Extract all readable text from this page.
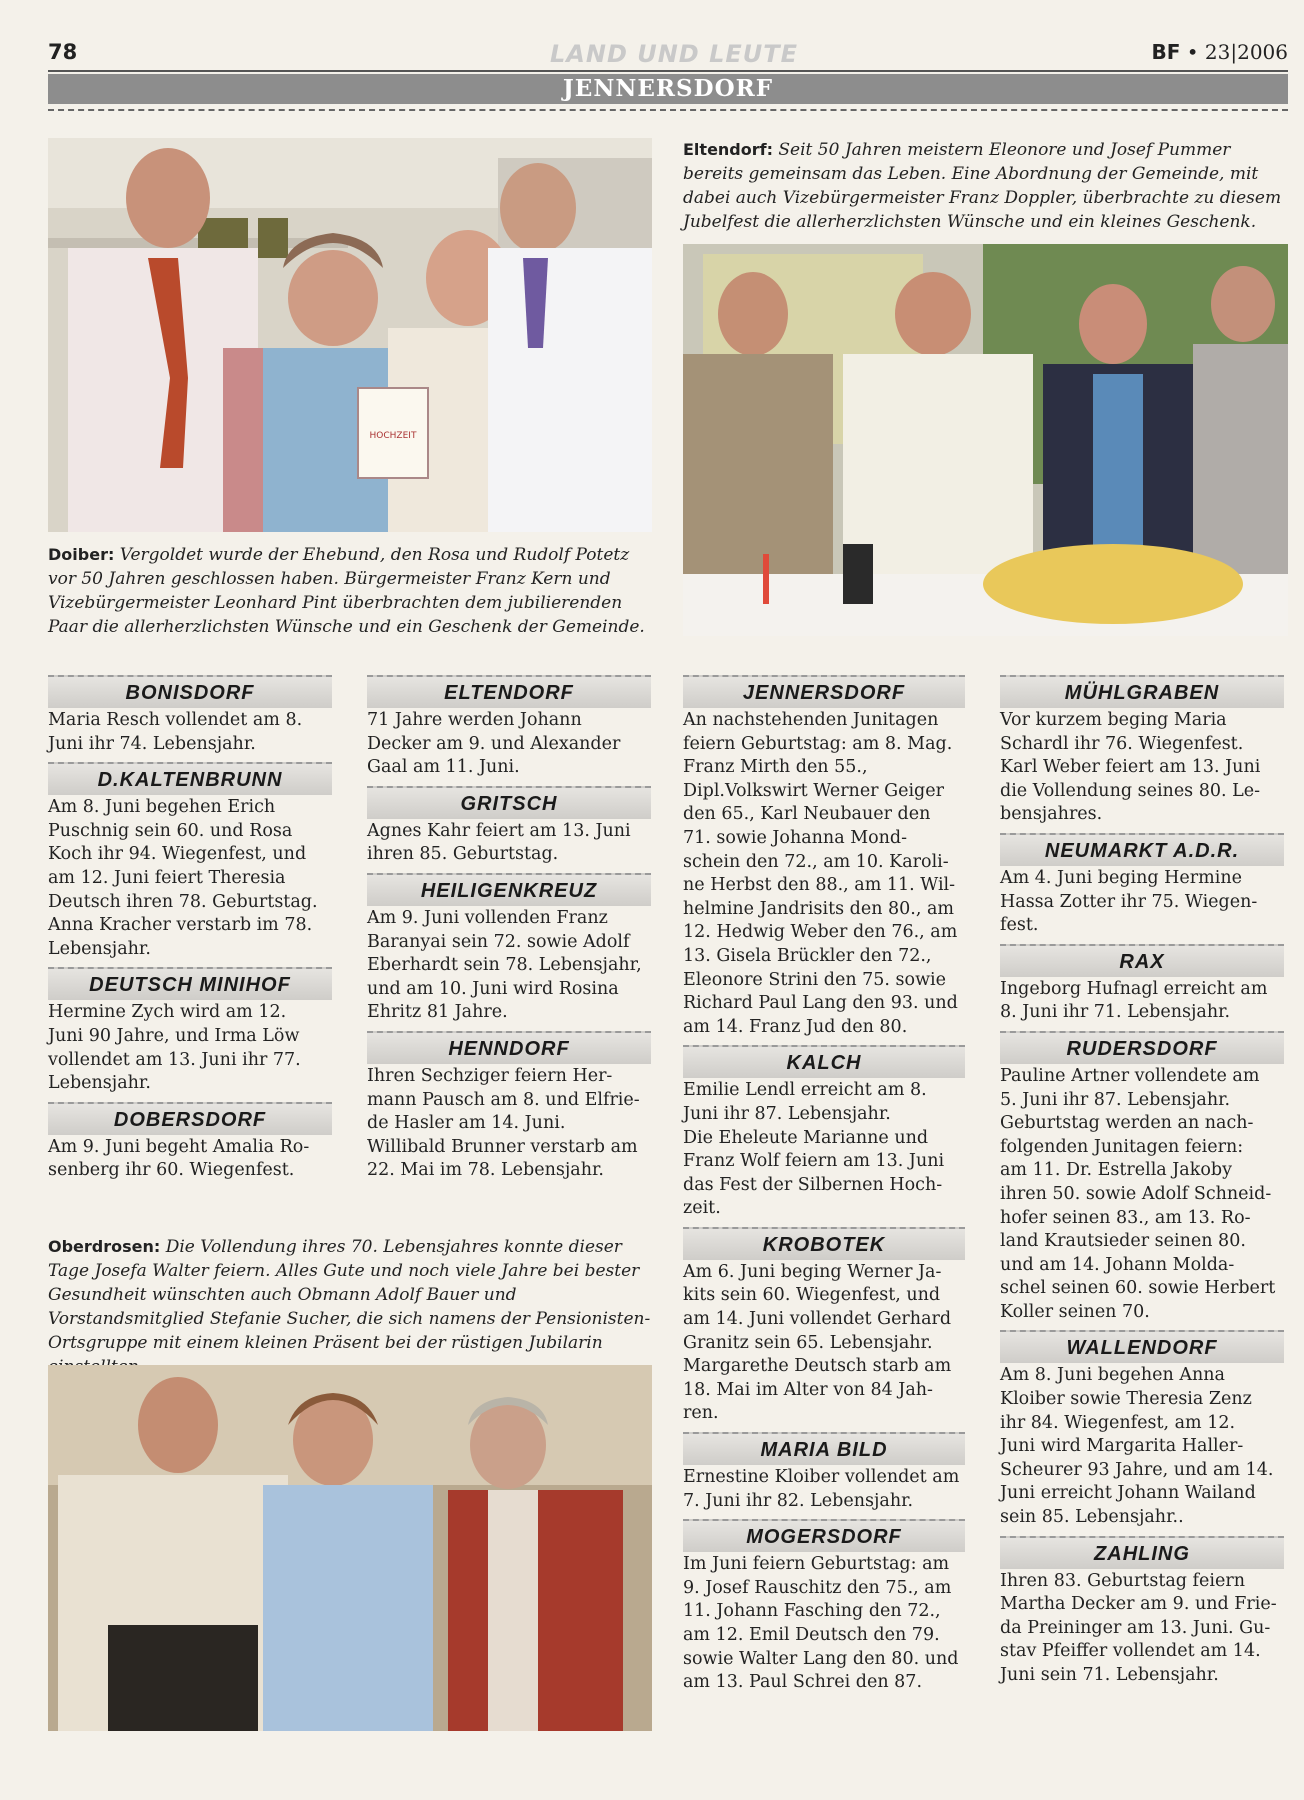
78	LAND UND LEUTE	BF • 23|2006
JENNERSDORF
HOCHZEIT
Doiber: Vergoldet wurde der Ehebund, den Rosa und Rudolf Potetz vor 50 Jahren geschlossen haben. Bürgermeister Franz Kern und Vizebürgermeister Leonhard Pint überbrachten dem jubilierenden Paar die allerherzlichsten Wünsche und ein Geschenk der Gemeinde.
Eltendorf: Seit 50 Jahren meistern Eleonore und Josef Pummer bereits gemeinsam das Leben. Eine Abordnung der Gemeinde, mit dabei auch Vizebürgermeister Franz Doppler, überbrachte zu diesem Jubelfest die allerherzlichsten Wünsche und ein kleines Geschenk.
BONISDORF
Maria Resch vollendet am 8.
Juni ihr 74. Lebensjahr.
D.KALTENBRUNN
Am 8. Juni begehen Erich
Puschnig sein 60. und Rosa
Koch ihr 94. Wiegenfest, und
am 12. Juni feiert Theresia
Deutsch ihren 78. Geburtstag.
Anna Kracher verstarb im 78.
Lebensjahr.
DEUTSCH MINIHOF
Hermine Zych wird am 12.
Juni 90 Jahre, und Irma Löw
vollendet am 13. Juni ihr 77.
Lebensjahr.
DOBERSDORF
Am 9. Juni begeht Amalia Ro-
senberg ihr 60. Wiegenfest.
ELTENDORF
71 Jahre werden Johann
Decker am 9. und Alexander
Gaal am 11. Juni.
GRITSCH
Agnes Kahr feiert am 13. Juni
ihren 85. Geburtstag.
HEILIGENKREUZ
Am 9. Juni vollenden Franz
Baranyai sein 72. sowie Adolf
Eberhardt sein 78. Lebensjahr,
und am 10. Juni wird Rosina
Ehritz 81 Jahre.
HENNDORF
Ihren Sechziger feiern Her-
mann Pausch am 8. und Elfrie-
de Hasler am 14. Juni.
Willibald Brunner verstarb am
22. Mai im 78. Lebensjahr.
JENNERSDORF
An nachstehenden Junitagen
feiern Geburtstag: am 8. Mag.
Franz Mirth den 55.,
Dipl.Volkswirt Werner Geiger
den 65., Karl Neubauer den
71. sowie Johanna Mond-
schein den 72., am 10. Karoli-
ne Herbst den 88., am 11. Wil-
helmine Jandrisits den 80., am
12. Hedwig Weber den 76., am
13. Gisela Brückler den 72.,
Eleonore Strini den 75. sowie
Richard Paul Lang den 93. und
am 14. Franz Jud den 80.
KALCH
Emilie Lendl erreicht am 8.
Juni ihr 87. Lebensjahr.
Die Eheleute Marianne und
Franz Wolf feiern am 13. Juni
das Fest der Silbernen Hoch-
zeit.
KROBOTEK
Am 6. Juni beging Werner Ja-
kits sein 60. Wiegenfest, und
am 14. Juni vollendet Gerhard
Granitz sein 65. Lebensjahr.
Margarethe Deutsch starb am
18. Mai im Alter von 84 Jah-
ren.
MARIA BILD
Ernestine Kloiber vollendet am
7. Juni ihr 82. Lebensjahr.
MOGERSDORF
Im Juni feiern Geburtstag: am
9. Josef Rauschitz den 75., am
11. Johann Fasching den 72.,
am 12. Emil Deutsch den 79.
sowie Walter Lang den 80. und
am 13. Paul Schrei den 87.
MÜHLGRABEN
Vor kurzem beging Maria
Schardl ihr 76. Wiegenfest.
Karl Weber feiert am 13. Juni
die Vollendung seines 80. Le-
bensjahres.
NEUMARKT A.D.R.
Am 4. Juni beging Hermine
Hassa Zotter ihr 75. Wiegen-
fest.
RAX
Ingeborg Hufnagl erreicht am
8. Juni ihr 71. Lebensjahr.
RUDERSDORF
Pauline Artner vollendete am
5. Juni ihr 87. Lebensjahr.
Geburtstag werden an nach-
folgenden Junitagen feiern:
am 11. Dr. Estrella Jakoby
ihren 50. sowie Adolf Schneid-
hofer seinen 83., am 13. Ro-
land Krautsieder seinen 80.
und am 14. Johann Molda-
schel seinen 60. sowie Herbert
Koller seinen 70.
WALLENDORF
Am 8. Juni begehen Anna
Kloiber sowie Theresia Zenz
ihr 84. Wiegenfest, am 12.
Juni wird Margarita Haller-
Scheurer 93 Jahre, und am 14.
Juni erreicht Johann Wailand
sein 85. Lebensjahr..
ZAHLING
Ihren 83. Geburtstag feiern
Martha Decker am 9. und Frie-
da Preininger am 13. Juni. Gu-
stav Pfeiffer vollendet am 14.
Juni sein 71. Lebensjahr.
Oberdrosen: Die Vollendung ihres 70. Lebensjahres konnte dieser Tage Josefa Walter feiern. Alles Gute und noch viele Jahre bei bester Gesundheit wünschten auch Obmann Adolf Bauer und Vorstandsmitglied Stefanie Sucher, die sich namens der Pensionisten-Ortsgruppe mit einem kleinen Präsent bei der rüstigen Jubilarin
